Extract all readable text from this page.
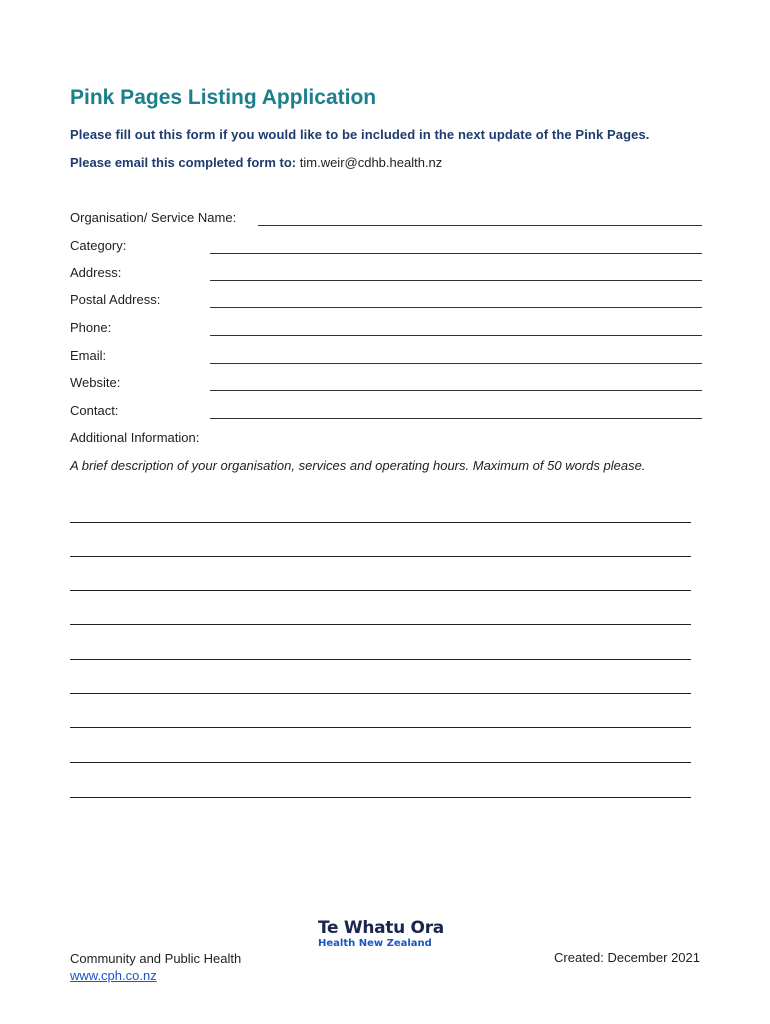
Pink Pages Listing Application

Please fill out this form if you would like to be included in the next update of the Pink Pages.

Please email this completed form to: tim.weir@cdhb.health.nz

Organisation/ Service Name:
Category:
Address:
Postal Address:
Phone:
Email:
Website:
Contact:

Additional Information:

A brief description of your organisation, services and operating hours. Maximum of 50 words please.

Te Whatu Ora
Health New Zealand
Community and Public Health
www.cph.co.nz
Created: December 2021
